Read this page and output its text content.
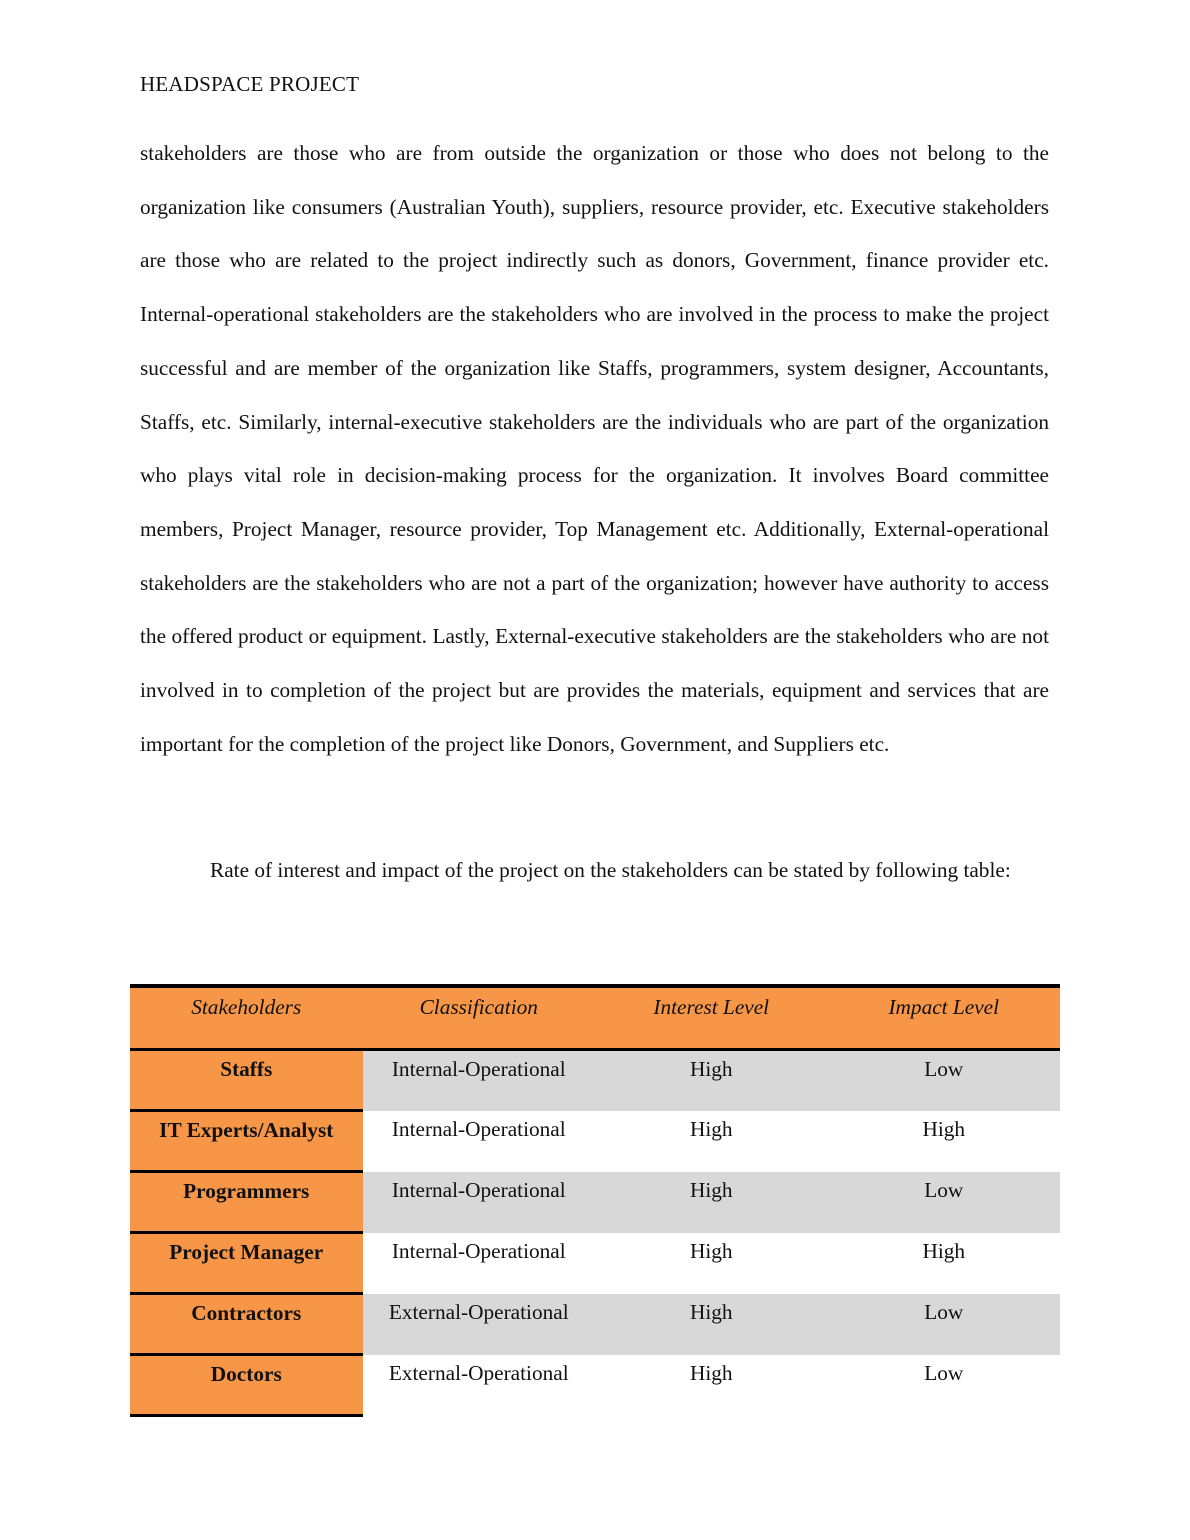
HEADSPACE PROJECT

stakeholders are those who are from outside the organization or those who does not belong to the organization like consumers (Australian Youth), suppliers, resource provider, etc. Executive stakeholders are those who are related to the project indirectly such as donors, Government, finance provider etc. Internal-operational stakeholders are the stakeholders who are involved in the process to make the project successful and are member of the organization like Staffs, programmers, system designer, Accountants, Staffs, etc. Similarly, internal-executive stakeholders are the individuals who are part of the organization who plays vital role in decision-making process for the organization. It involves Board committee members, Project Manager, resource provider, Top Management etc. Additionally, External-operational stakeholders are the stakeholders who are not a part of the organization; however have authority to access the offered product or equipment. Lastly, External-executive stakeholders are the stakeholders who are not involved in to completion of the project but are provides the materials, equipment and services that are important for the completion of the project like Donors, Government, and Suppliers etc.

Rate of interest and impact of the project on the stakeholders can be stated by following table:

Stakeholders	Classification	Interest Level	Impact Level
Staffs	Internal-Operational	High	Low
IT Experts/Analyst	Internal-Operational	High	High
Programmers	Internal-Operational	High	Low
Project Manager	Internal-Operational	High	High
Contractors	External-Operational	High	Low
Doctors	External-Operational	High	Low
